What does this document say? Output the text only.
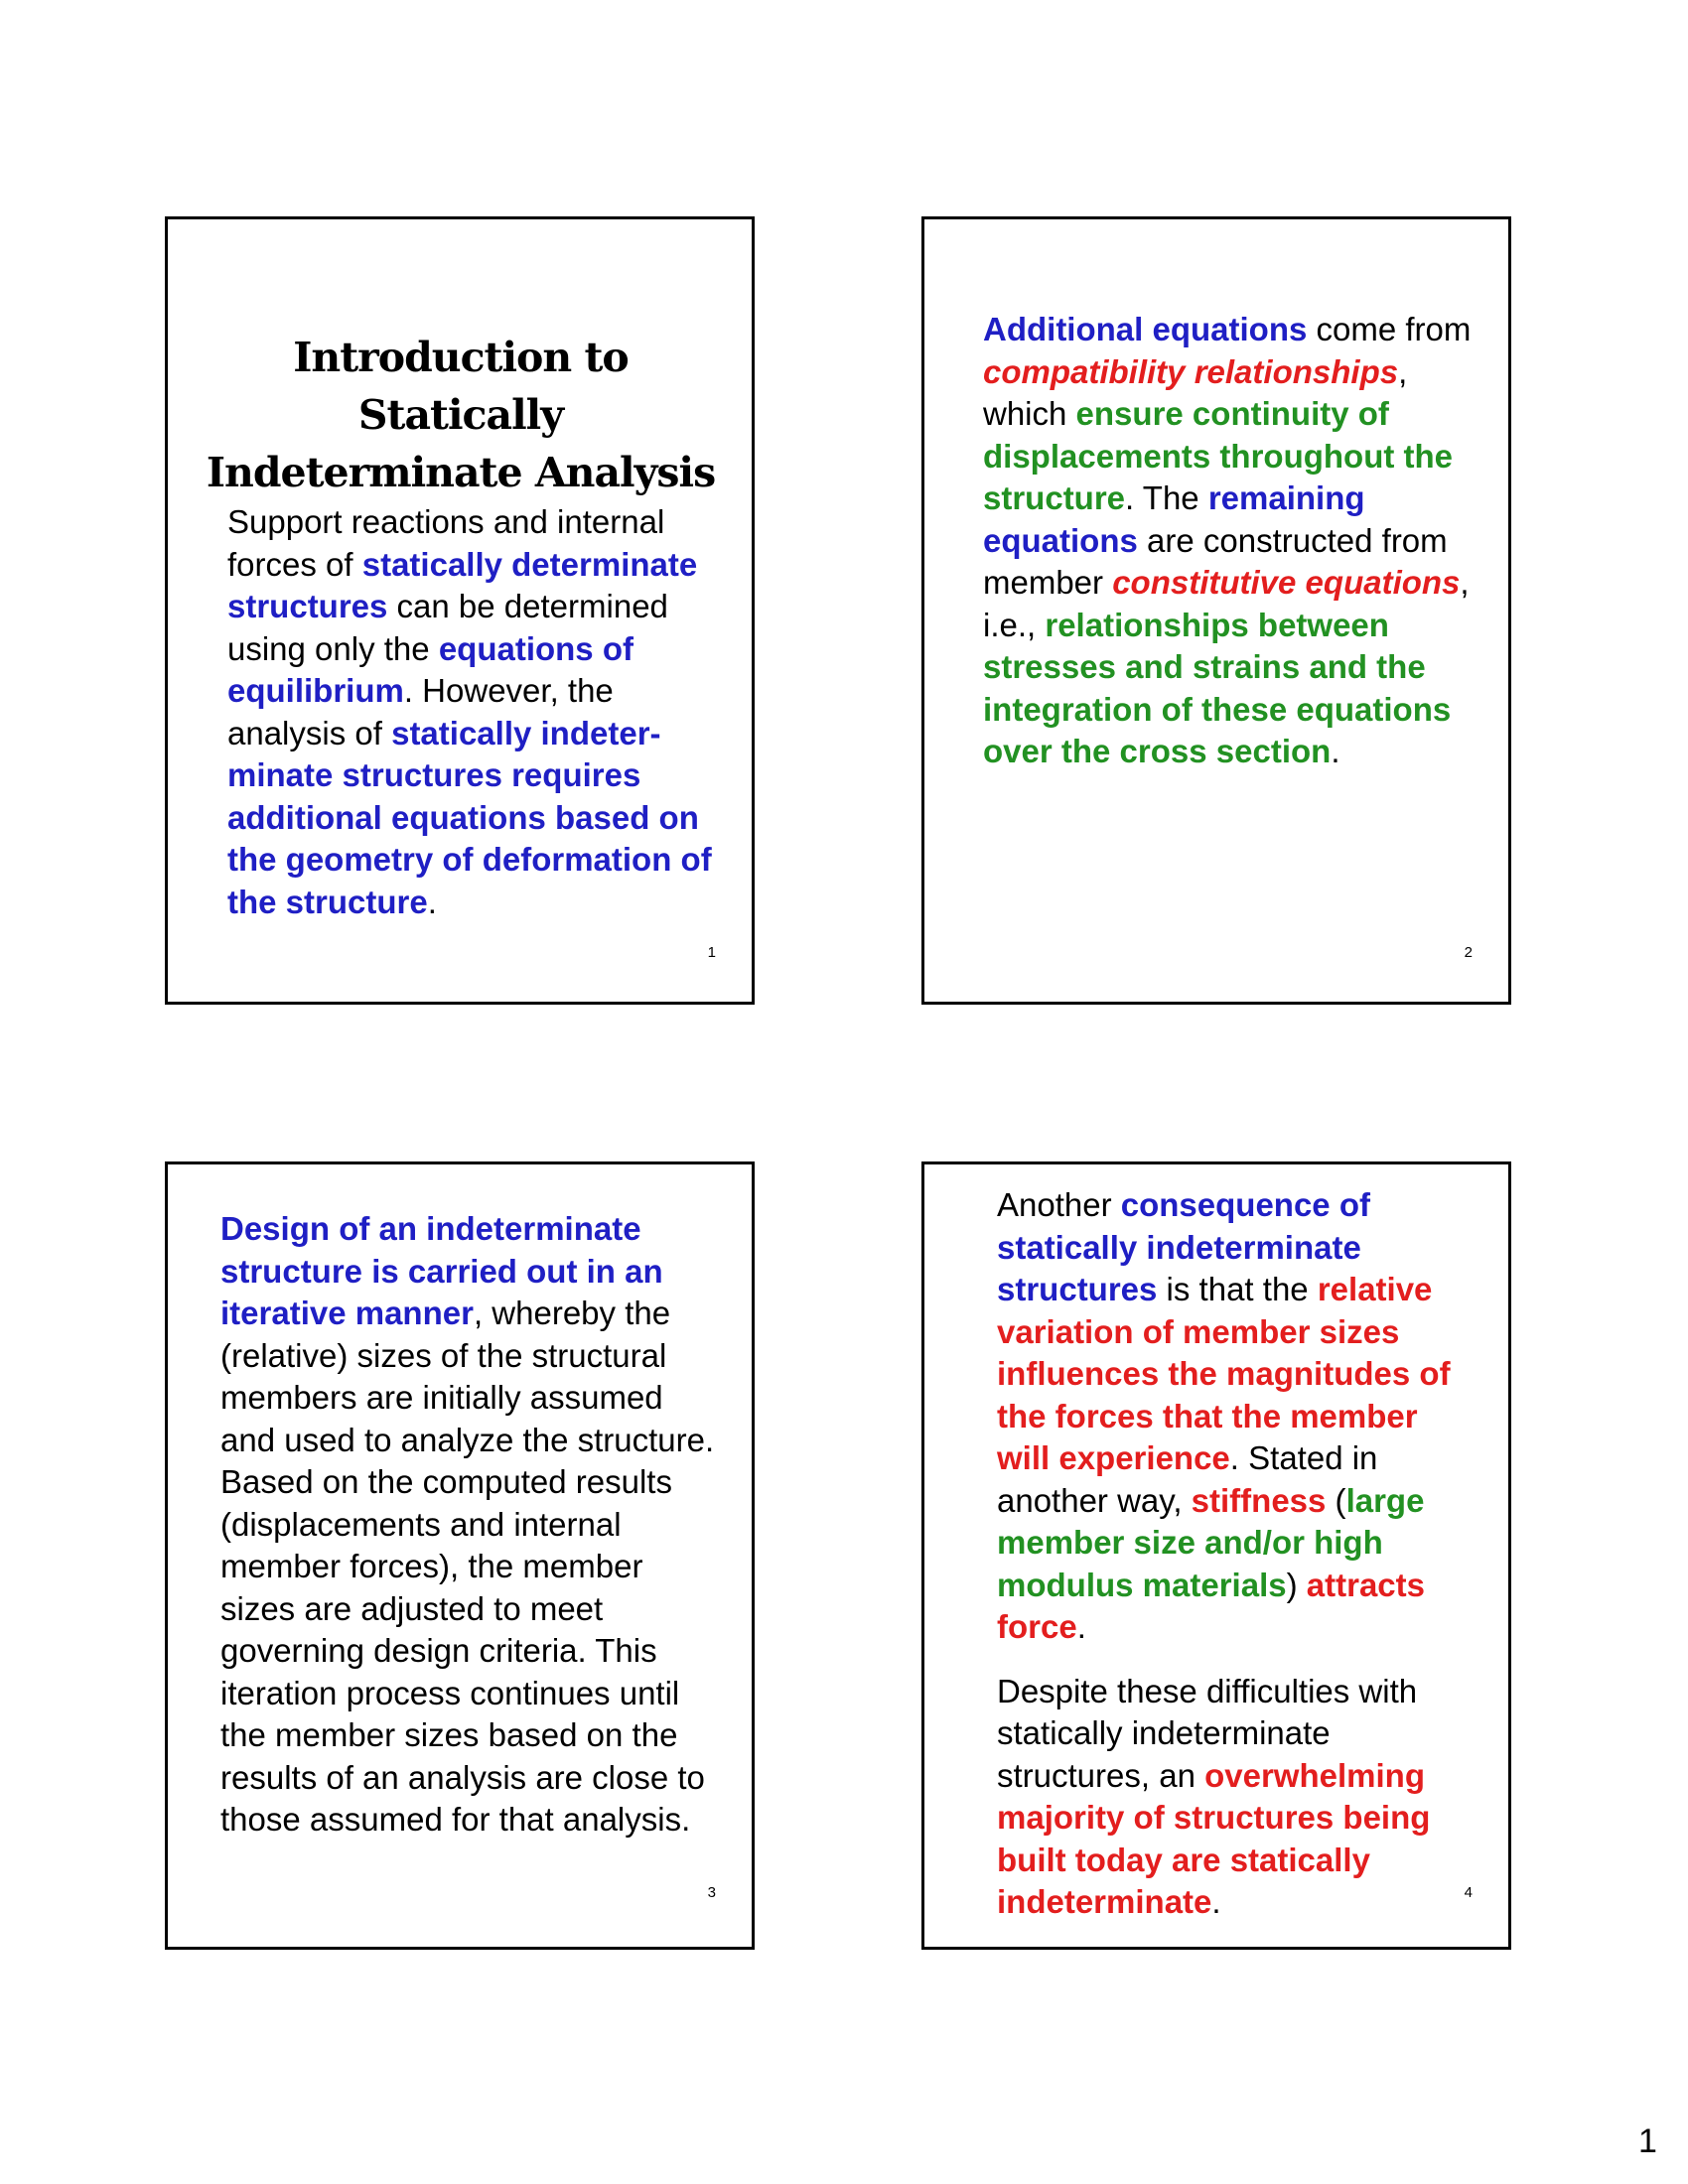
Introduction to Statically
Indeterminate Analysis
Support reactions and internal
forces of statically determinate
structures can be determined
using only the equations of
equilibrium. However, the
analysis of statically indeter-
minate structures requires
additional equations based on
the geometry of deformation of
the structure.
1
Additional equations come from
compatibility relationships,
which ensure continuity of
displacements throughout the
structure. The remaining
equations are constructed from
member constitutive equations,
i.e., relationships between
stresses and strains and the
integration of these equations
over the cross section.
2
Design of an indeterminate
structure is carried out in an
iterative manner, whereby the
(relative) sizes of the structural
members are initially assumed
and used to analyze the structure.
Based on the computed results
(displacements and internal
member forces), the member
sizes are adjusted to meet
governing design criteria. This
iteration process continues until
the member sizes based on the
results of an analysis are close to
those assumed for that analysis.
3
Another consequence of
statically indeterminate
structures is that the relative
variation of member sizes
influences the magnitudes of
the forces that the member
will experience. Stated in
another way, stiffness (large
member size and/or high
modulus materials) attracts
force.
Despite these difficulties with
statically indeterminate
structures, an overwhelming
majority of structures being
built today are statically
indeterminate.	4
1
